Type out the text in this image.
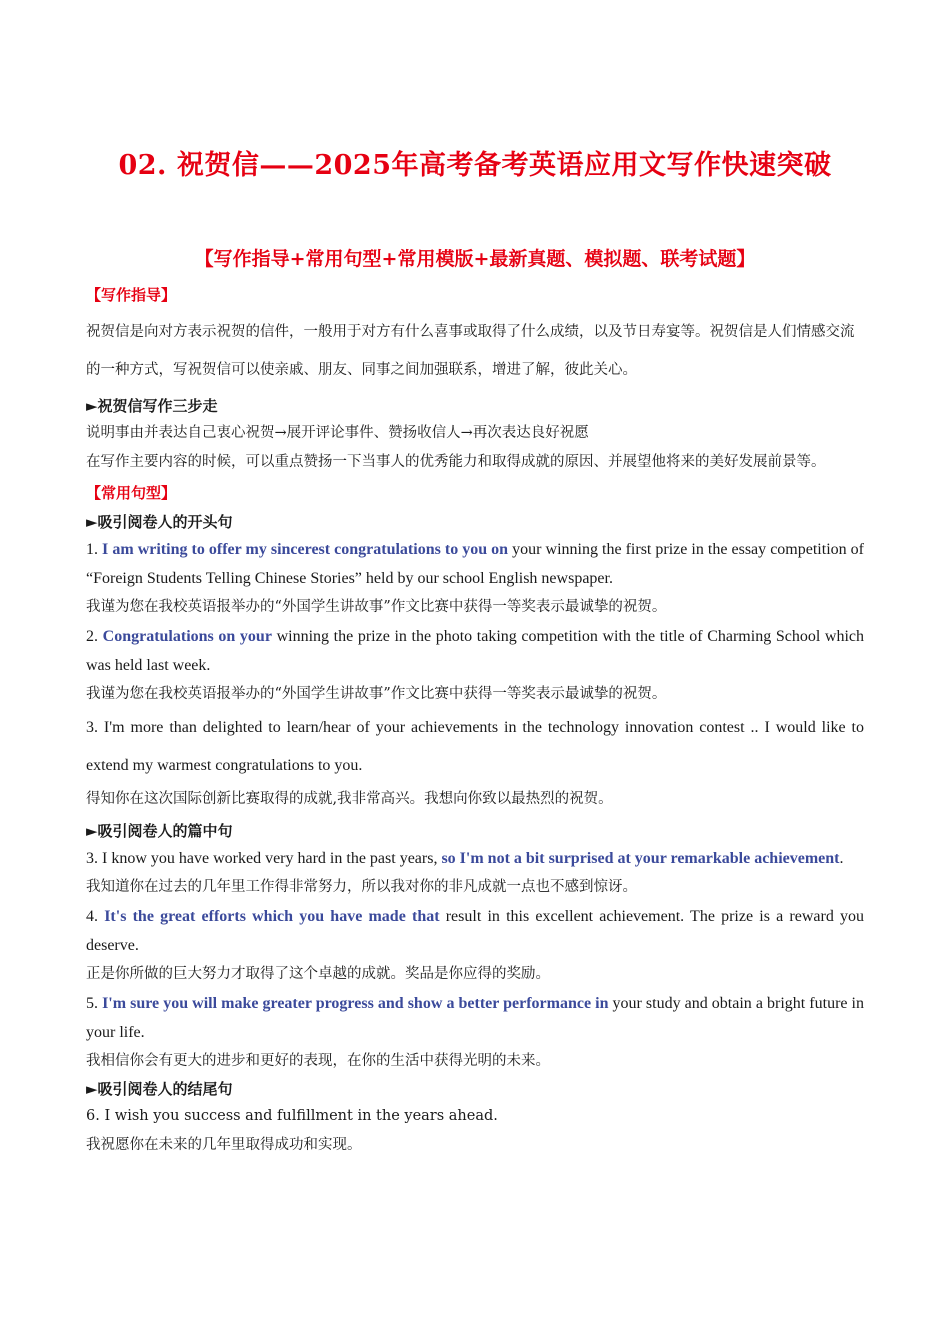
02. 祝贺信——2025年高考备考英语应用文写作快速突破
【写作指导+常用句型+常用模版+最新真题、模拟题、联考试题】
【写作指导】
祝贺信是向对方表示祝贺的信件，一般用于对方有什么喜事或取得了什么成绩，以及节日寿宴等。祝贺信是人们情感交流的一种方式，写祝贺信可以使亲戚、朋友、同事之间加强联系，增进了解，彼此关心。
►祝贺信写作三步走
说明事由并表达自己衷心祝贺→展开评论事件、赞扬收信人→再次表达良好祝愿
在写作主要内容的时候，可以重点赞扬一下当事人的优秀能力和取得成就的原因、并展望他将来的美好发展前景等。
【常用句型】
►吸引阅卷人的开头句
1. I am writing to offer my sincerest congratulations to you on your winning the first prize in the essay competition of “Foreign Students Telling Chinese Stories” held by our school English newspaper.
我谨为您在我校英语报举办的“外国学生讲故事”作文比赛中获得一等奖表示最诚挚的祝贺。
2. Congratulations on your winning the prize in the photo taking competition with the title of Charming School which was held last week.
我谨为您在我校英语报举办的“外国学生讲故事”作文比赛中获得一等奖表示最诚挚的祝贺。
3. I'm more than delighted to learn/hear of your achievements in the technology innovation contest .. I would like to extend my warmest congratulations to you.
得知你在这次国际创新比赛取得的成就,我非常高兴。我想向你致以最热烈的祝贺。
►吸引阅卷人的篇中句
3. I know you have worked very hard in the past years, so I'm not a bit surprised at your remarkable achievement.
我知道你在过去的几年里工作得非常努力，所以我对你的非凡成就一点也不感到惊讶。
4. It's the great efforts which you have made that result in this excellent achievement. The prize is a reward you deserve.
正是你所做的巨大努力才取得了这个卓越的成就。奖品是你应得的奖励。
5. I'm sure you will make greater progress and show a better performance in your study and obtain a bright future in your life.
我相信你会有更大的进步和更好的表现，在你的生活中获得光明的未来。
►吸引阅卷人的结尾句
6. I wish you success and fulfillment in the years ahead.
我祝愿你在未来的几年里取得成功和实现。
